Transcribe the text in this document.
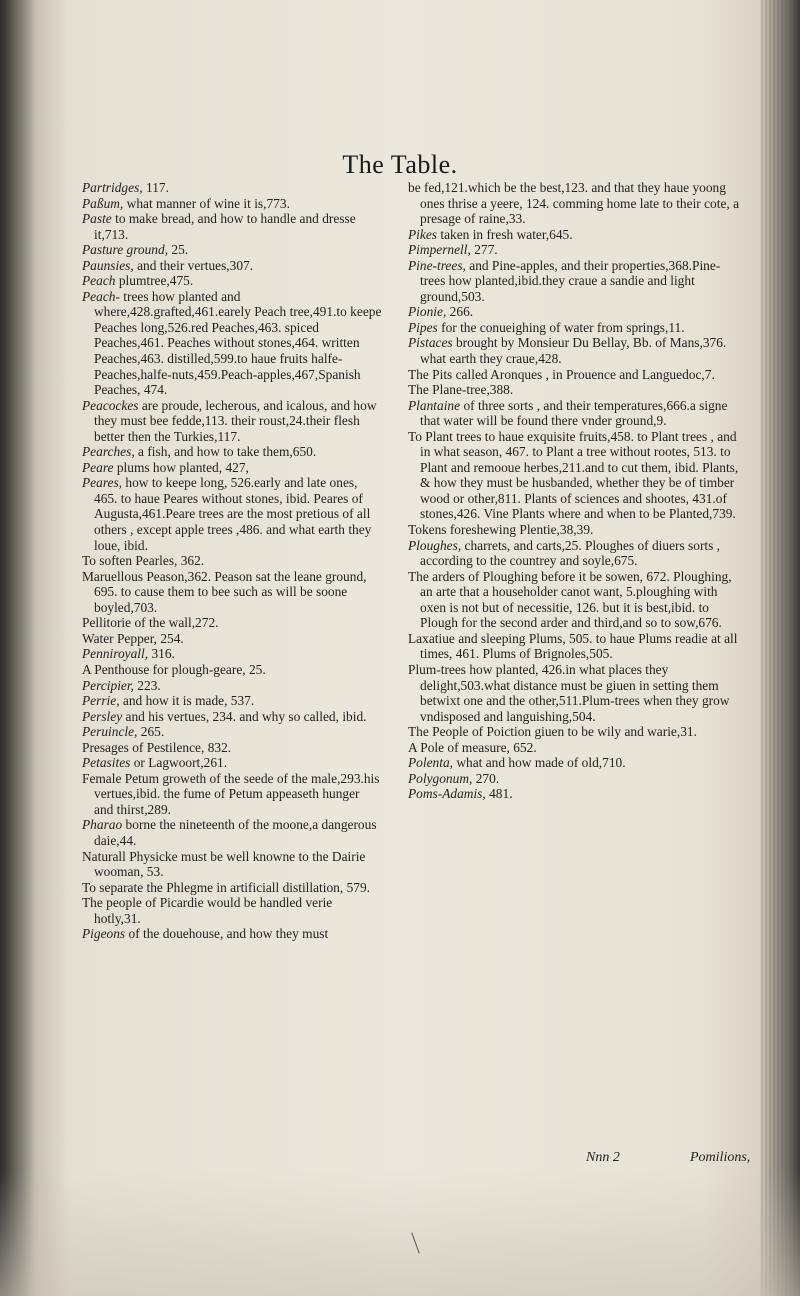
The Table.
Partridges, 117.
Paßum, what manner of wine it is,773.
Paste to make bread, and how to handle and dresse it,713.
Pasture ground, 25.
Paunsies, and their vertues,307.
Peach plumtree,475.
Peach- trees how planted and where,428.grafted,461.earely Peach tree,491.to keepe Peaches long,526.red Peaches,463. spiced Peaches,461. Peaches without stones,464. written Peaches,463. distilled,599.to haue fruits halfe-Peaches,halfe-nuts,459.Peach-apples,467,Spanish Peaches, 474.
Peacockes are proude, lecherous, and icalous, and how they must bee fedde,113. their roust,24.their flesh better then the Turkies,117.
Pearches, a fish, and how to take them,650.
Peare plums how planted, 427,
Peares, how to keepe long, 526.early and late ones, 465. to haue Peares without stones, ibid. Peares of Augusta,461.Peare trees are the most pretious of all others , except apple trees ,486. and what earth they loue, ibid.
To soften Pearles, 362.
Maruellous Peason,362. Peason sat the leane ground, 695. to cause them to bee such as will be soone boyled,703.
Pellitorie of the wall,272.
Water Pepper, 254.
Penniroyall, 316.
A Penthouse for plough-geare, 25.
Percipier, 223.
Perrie, and how it is made, 537.
Persley and his vertues, 234. and why so called, ibid.
Peruincle, 265.
Presages of Pestilence, 832.
Petasites or Lagwoort,261.
Female Petum groweth of the seede of the male,293.his vertues,ibid. the fume of Petum appeaseth hunger and thirst,289.
Pharao borne the nineteenth of the moone,a dangerous daie,44.
Naturall Physicke must be well knowne to the Dairie wooman, 53.
To separate the Phlegme in artificiall distillation, 579.
The people of Picardie would be handled verie hotly,31.
Pigeons of the douehouse, and how they must
be fed,121.which be the best,123. and that they haue yoong ones thrise a yeere, 124. comming home late to their cote, a presage of raine,33.
Pikes taken in fresh water,645.
Pimpernell, 277.
Pine-trees, and Pine-apples, and their properties,368.Pine-trees how planted,ibid.they craue a sandie and light ground,503.
Pionie, 266.
Pipes for the conueighing of water from springs,11.
Pistaces brought by Monsieur Du Bellay, Bb. of Mans,376. what earth they craue,428.
The Pits called Aronques , in Prouence and Languedoc,7.
The Plane-tree,388.
Plantaine of three sorts , and their temperatures,666.a signe that water will be found there vnder ground,9.
To Plant trees to haue exquisite fruits,458. to Plant trees , and in what season, 467. to Plant a tree without rootes, 513. to Plant and remooue herbes,211.and to cut them, ibid. Plants, & how they must be husbanded, whether they be of timber wood or other,811. Plants of sciences and shootes, 431.of stones,426. Vine Plants where and when to be Planted,739.
Tokens foreshewing Plentie,38,39.
Ploughes, charrets, and carts,25. Ploughes of diuers sorts , according to the countrey and soyle,675.
The arders of Ploughing before it be sowen, 672. Ploughing, an arte that a householder canot want, 5.ploughing with oxen is not but of necessitie, 126. but it is best,ibid. to Plough for the second arder and third,and so to sow,676.
Laxatiue and sleeping Plums, 505. to haue Plums readie at all times, 461. Plums of Brignoles,505.
Plum-trees how planted, 426.in what places they delight,503.what distance must be giuen in setting them betwixt one and the other,511.Plum-trees when they grow vndisposed and languishing,504.
The People of Poiction giuen to be wily and warie,31.
A Pole of measure, 652.
Polenta, what and how made of old,710.
Polygonum, 270.
Poms-Adamis, 481.
Nnn 2	Pomilions,
